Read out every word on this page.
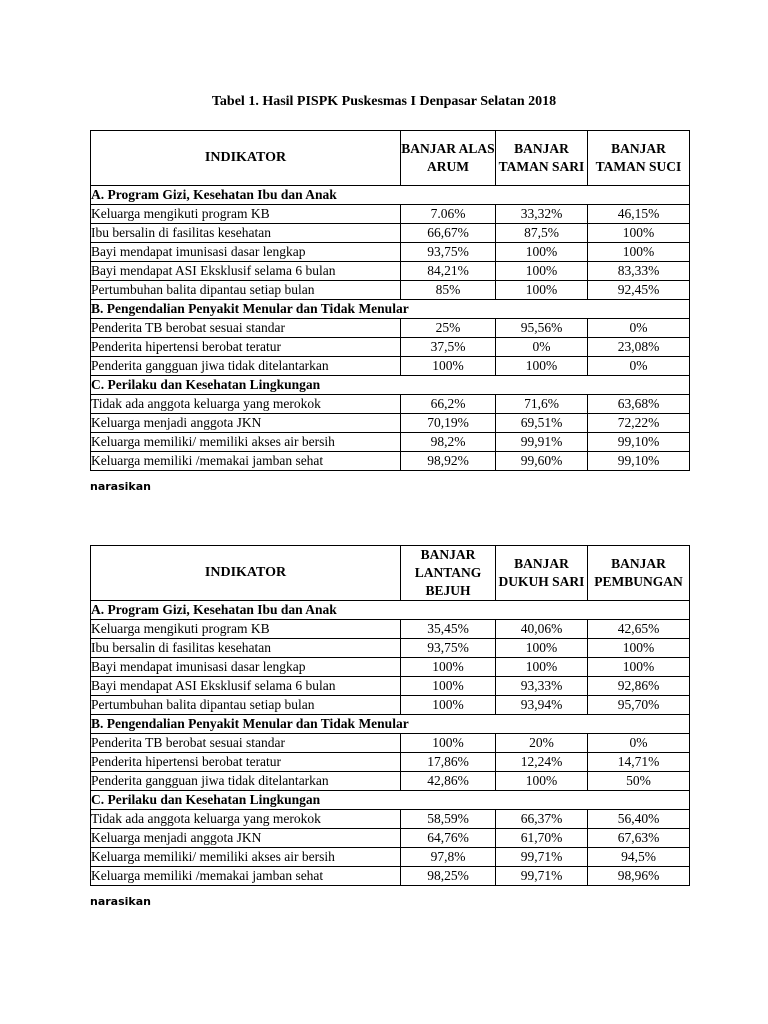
Tabel 1. Hasil PISPK Puskesmas I Denpasar Selatan 2018
INDIKATOR	BANJAR ALAS ARUM	BANJAR TAMAN SARI	BANJAR TAMAN SUCI
A. Program Gizi, Kesehatan Ibu dan Anak			
Keluarga mengikuti program KB	7.06%	33,32%	46,15%
Ibu bersalin di fasilitas kesehatan	66,67%	87,5%	100%
Bayi mendapat imunisasi dasar lengkap	93,75%	100%	100%
Bayi mendapat ASI Eksklusif selama 6 bulan	84,21%	100%	83,33%
Pertumbuhan balita dipantau setiap bulan	85%	100%	92,45%
B. Pengendalian Penyakit Menular dan Tidak Menular			
Penderita TB berobat sesuai standar	25%	95,56%	0%
Penderita hipertensi berobat teratur	37,5%	0%	23,08%
Penderita gangguan jiwa tidak ditelantarkan	100%	100%	0%
C. Perilaku dan Kesehatan Lingkungan			
Tidak ada anggota keluarga yang merokok	66,2%	71,6%	63,68%
Keluarga menjadi anggota JKN	70,19%	69,51%	72,22%
Keluarga memiliki/ memiliki akses air bersih	98,2%	99,91%	99,10%
Keluarga memiliki /memakai jamban sehat	98,92%	99,60%	99,10%
narasikan
INDIKATOR	BANJAR LANTANG BEJUH	BANJAR DUKUH SARI	BANJAR PEMBUNGAN
A. Program Gizi, Kesehatan Ibu dan Anak			
Keluarga mengikuti program KB	35,45%	40,06%	42,65%
Ibu bersalin di fasilitas kesehatan	93,75%	100%	100%
Bayi mendapat imunisasi dasar lengkap	100%	100%	100%
Bayi mendapat ASI Eksklusif selama 6 bulan	100%	93,33%	92,86%
Pertumbuhan balita dipantau setiap bulan	100%	93,94%	95,70%
B. Pengendalian Penyakit Menular dan Tidak Menular			
Penderita TB berobat sesuai standar	100%	20%	0%
Penderita hipertensi berobat teratur	17,86%	12,24%	14,71%
Penderita gangguan jiwa tidak ditelantarkan	42,86%	100%	50%
C. Perilaku dan Kesehatan Lingkungan			
Tidak ada anggota keluarga yang merokok	58,59%	66,37%	56,40%
Keluarga menjadi anggota JKN	64,76%	61,70%	67,63%
Keluarga memiliki/ memiliki akses air bersih	97,8%	99,71%	94,5%
Keluarga memiliki /memakai jamban sehat	98,25%	99,71%	98,96%
narasikan
